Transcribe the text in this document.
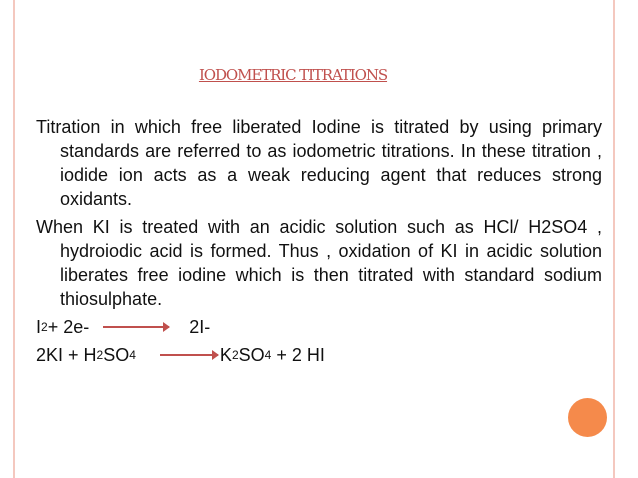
IODOMETRIC TITRATIONS

Titration in which free liberated Iodine is titrated by using primary standards are referred to as iodometric titrations. In these titration , iodide ion acts as a weak reducing agent that reduces strong oxidants.

When KI is treated with an acidic solution such as HCl/ H2SO4 , hydroiodic acid is formed. Thus , oxidation of KI in acidic solution liberates free iodine which is then titrated with standard sodium thiosulphate.

I 2 + 2e- → 2I-
2KI + H 2 SO 4 → K 2 SO 4 + 2 HI
